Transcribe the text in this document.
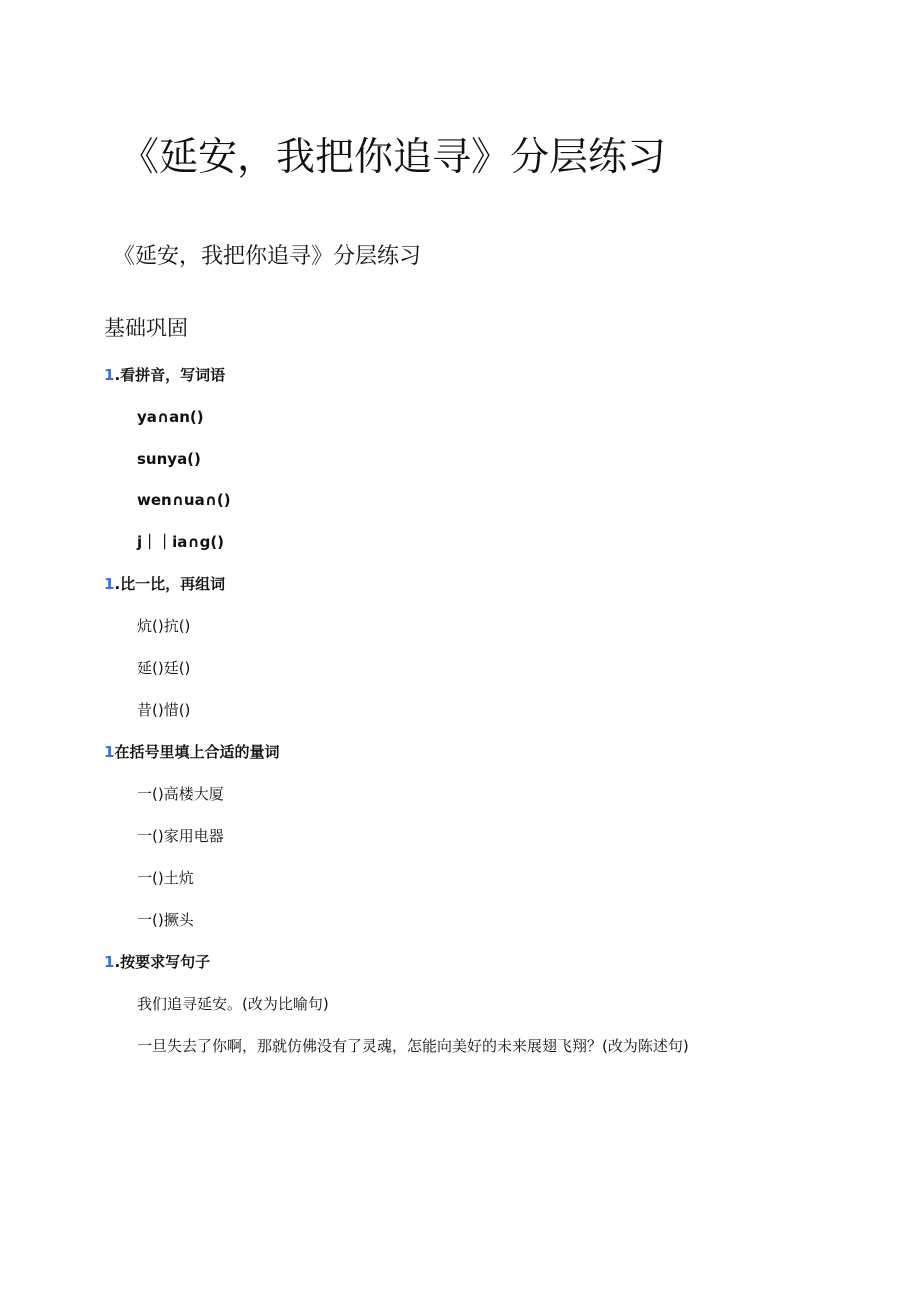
《延安，我把你追寻》分层练习
《延安，我把你追寻》分层练习
基础巩固
1.看拼音，写词语
ya∩an()
sunya()
wen∩ua∩()
j｜｜ia∩g()
1.比一比，再组词
炕()抗()
延()廷()
昔()惜()
1在括号里填上合适的量词
一()高楼大厦
一()家用电器
一()土炕
一()撅头
1.按要求写句子
我们追寻延安。(改为比喻句)
一旦失去了你啊，那就仿佛没有了灵魂，怎能向美好的未来展翅飞翔？(改为陈述句)
